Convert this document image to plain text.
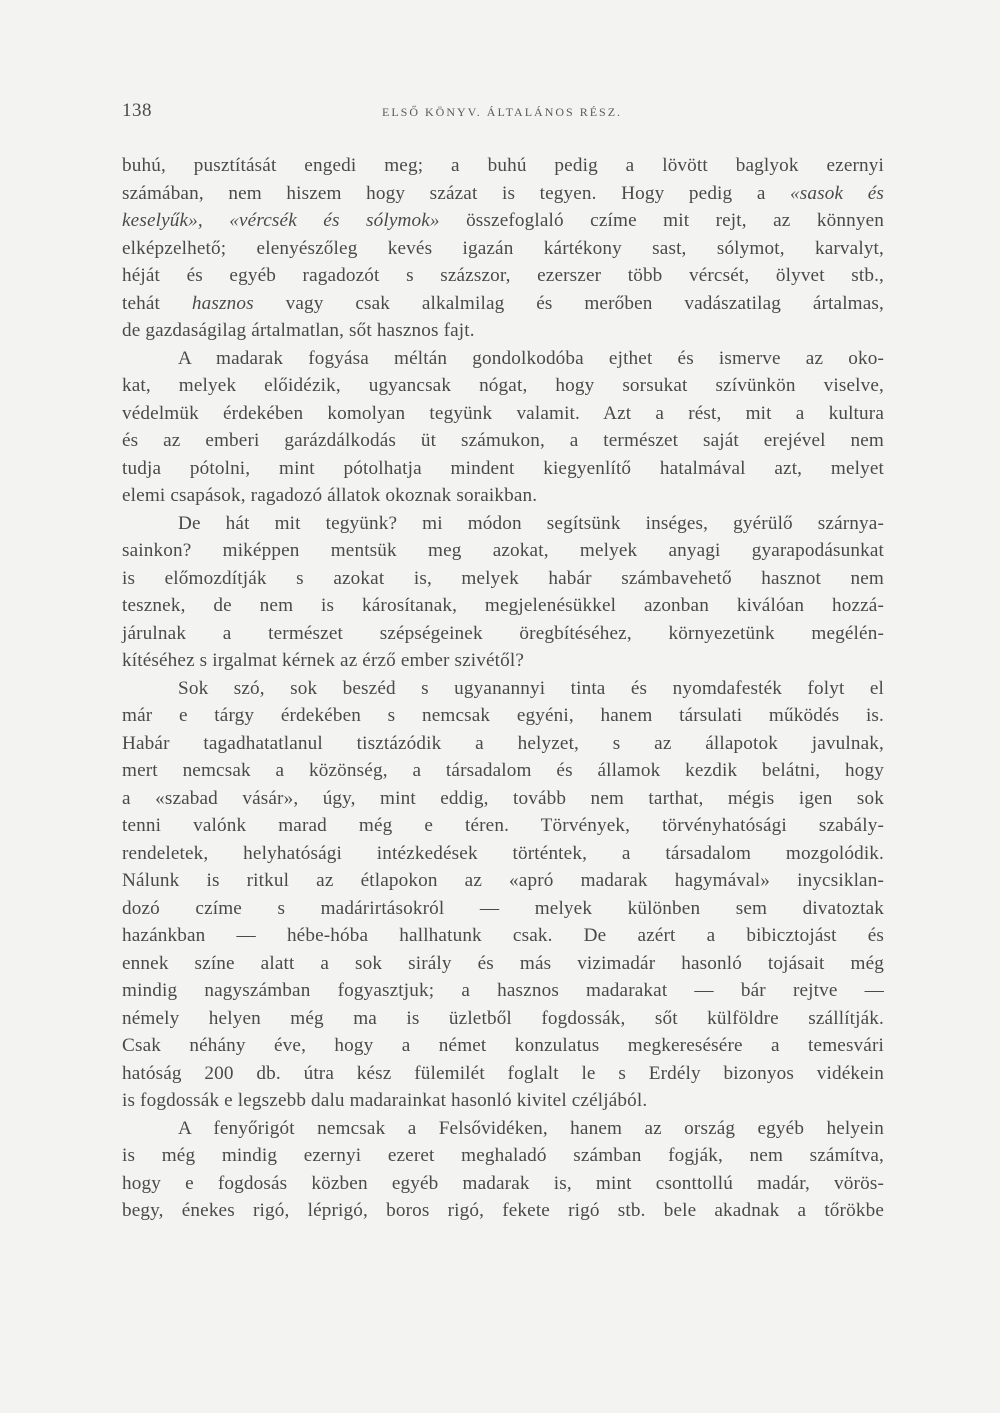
138	ELSŐ KÖNYV. ÁLTALÁNOS RÉSZ.
buhú, pusztítását engedi meg; a buhú pedig a lövött baglyok ezernyi
számában, nem hiszem hogy százat is tegyen. Hogy pedig a «sasok és
keselyűk», «vércsék és sólymok» összefoglaló czíme mit rejt, az könnyen
elképzelhető; elenyészőleg kevés igazán kártékony sast, sólymot, karvalyt,
héját és egyéb ragadozót s százszor, ezerszer több vércsét, ölyvet stb.,
tehát hasznos vagy csak alkalmilag és merőben vadászatilag ártalmas,
de gazdaságilag ártalmatlan, sőt hasznos fajt.
A madarak fogyása méltán gondolkodóba ejthet és ismerve az oko-
kat, melyek előidézik, ugyancsak nógat, hogy sorsukat szívünkön viselve,
védelmük érdekében komolyan tegyünk valamit. Azt a rést, mit a kultura
és az emberi garázdálkodás üt számukon, a természet saját erejével nem
tudja pótolni, mint pótolhatja mindent kiegyenlítő hatalmával azt, melyet
elemi csapások, ragadozó állatok okoznak soraikban.
De hát mit tegyünk? mi módon segítsünk inséges, gyérülő szárnya-
sainkon? miképpen mentsük meg azokat, melyek anyagi gyarapodásunkat
is előmozdítják s azokat is, melyek habár számbavehető hasznot nem
tesznek, de nem is károsítanak, megjelenésükkel azonban kiválóan hozzá-
járulnak a természet szépségeinek öregbítéséhez, környezetünk megélén-
kítéséhez s irgalmat kérnek az érző ember szivétől?
Sok szó, sok beszéd s ugyanannyi tinta és nyomdafesték folyt el
már e tárgy érdekében s nemcsak egyéni, hanem társulati működés is.
Habár tagadhatatlanul tisztázódik a helyzet, s az állapotok javulnak,
mert nemcsak a közönség, a társadalom és államok kezdik belátni, hogy
a «szabad vásár», úgy, mint eddig, tovább nem tarthat, mégis igen sok
tenni valónk marad még e téren. Törvények, törvényhatósági szabály-
rendeletek, helyhatósági intézkedések történtek, a társadalom mozgolódik.
Nálunk is ritkul az étlapokon az «apró madarak hagymával» inycsiklan-
dozó czíme s madárirtásokról — melyek különben sem divatoztak
hazánkban — hébe-hóba hallhatunk csak. De azért a bibicztojást és
ennek színe alatt a sok sirály és más vizimadár hasonló tojásait még
mindig nagyszámban fogyasztjuk; a hasznos madarakat — bár rejtve —
némely helyen még ma is üzletből fogdossák, sőt külföldre szállítják.
Csak néhány éve, hogy a német konzulatus megkeresésére a temesvári
hatóság 200 db. útra kész fülemilét foglalt le s Erdély bizonyos vidékein
is fogdossák e legszebb dalu madarainkat hasonló kivitel czéljából.
A fenyőrigót nemcsak a Felsővidéken, hanem az ország egyéb helyein
is még mindig ezernyi ezeret meghaladó számban fogják, nem számítva,
hogy e fogdosás közben egyéb madarak is, mint csonttollú madár, vörös-
begy, énekes rigó, léprigó, boros rigó, fekete rigó stb. bele akadnak a tőrökbe
